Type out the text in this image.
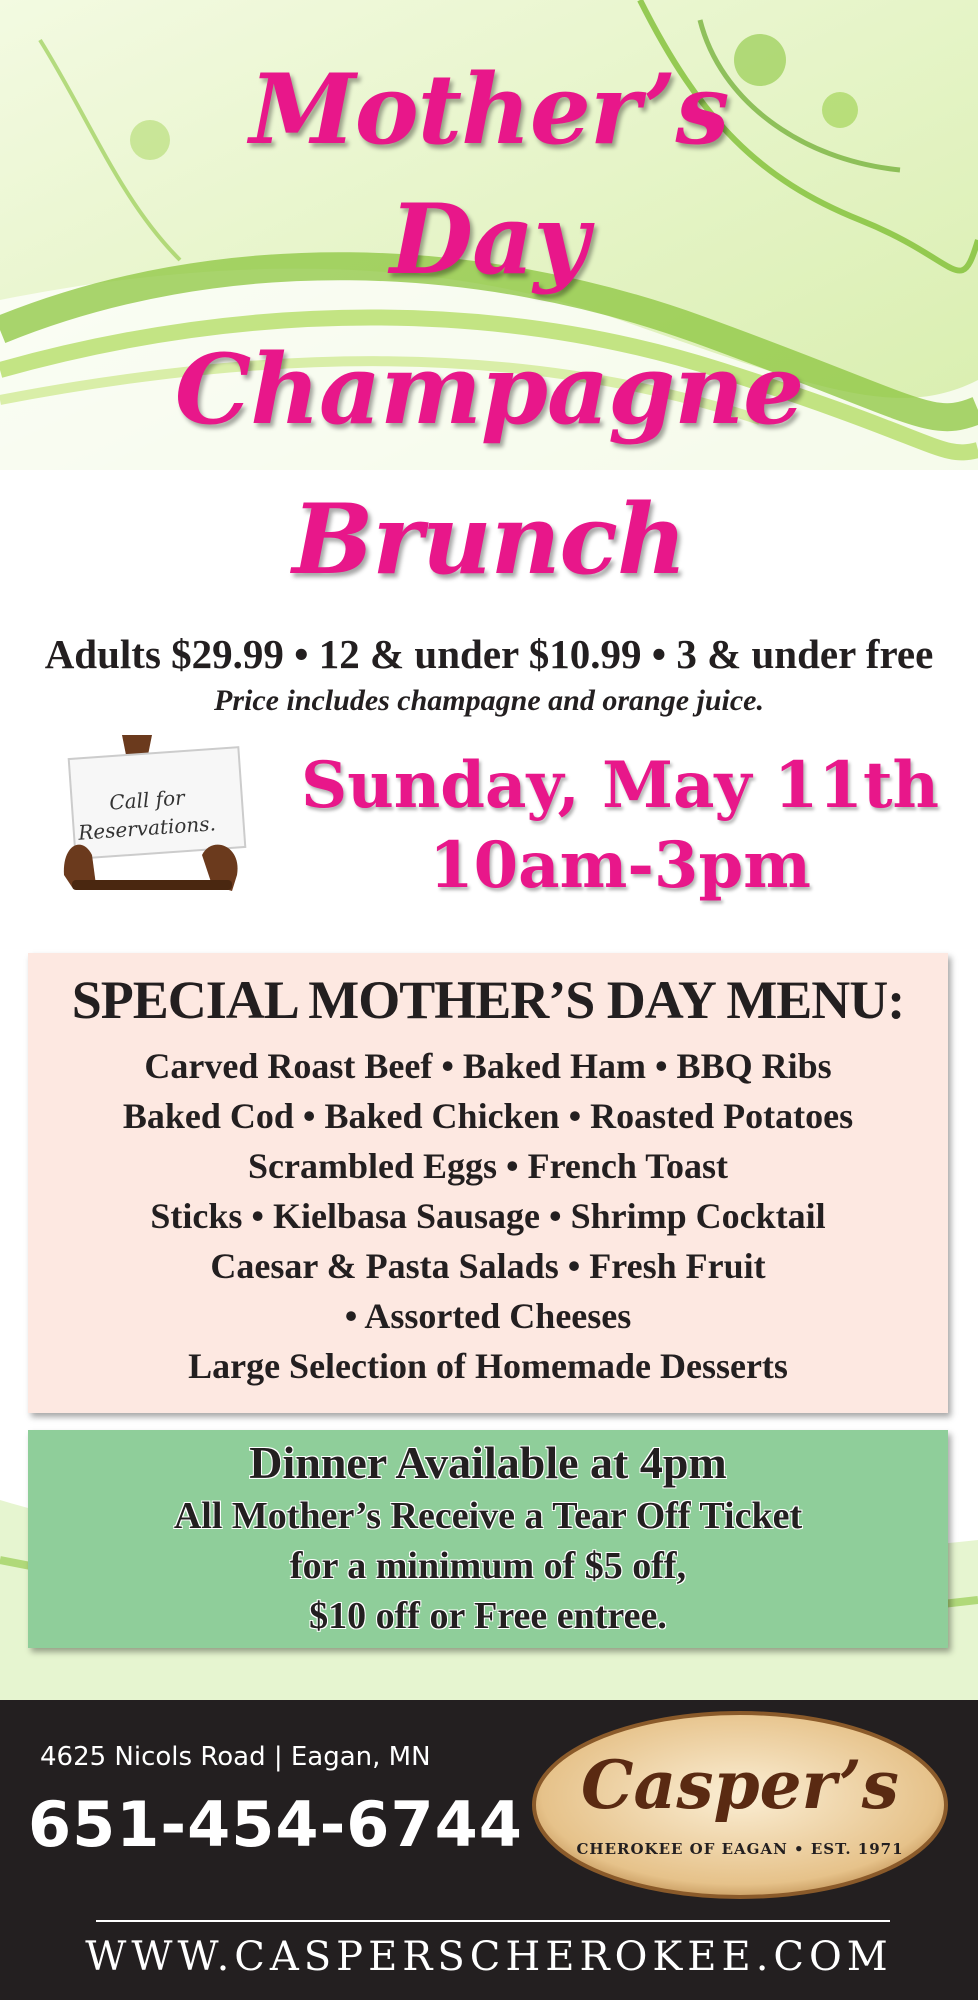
Mother’s
Day
Champagne
Brunch
Adults $29.99 • 12 & under $10.99 • 3 & under free
Price includes champagne and orange juice.
Call for
Reservations.
Sunday, May 11th
10am-3pm
SPECIAL MOTHER’S DAY MENU:
Carved Roast Beef • Baked Ham • BBQ Ribs
Baked Cod • Baked Chicken • Roasted Potatoes
Scrambled Eggs • French Toast
Sticks • Kielbasa Sausage • Shrimp Cocktail
Caesar & Pasta Salads • Fresh Fruit
• Assorted Cheeses
Large Selection of Homemade Desserts
Dinner Available at 4pm
All Mother’s Receive a Tear Off Ticket
for a minimum of $5 off,
$10 off or Free entree.
4625 Nicols Road | Eagan, MN
651-454-6744
Casper’s
CHEROKEE OF EAGAN • EST. 1971
WWW.CASPERSCHEROKEE.COM
